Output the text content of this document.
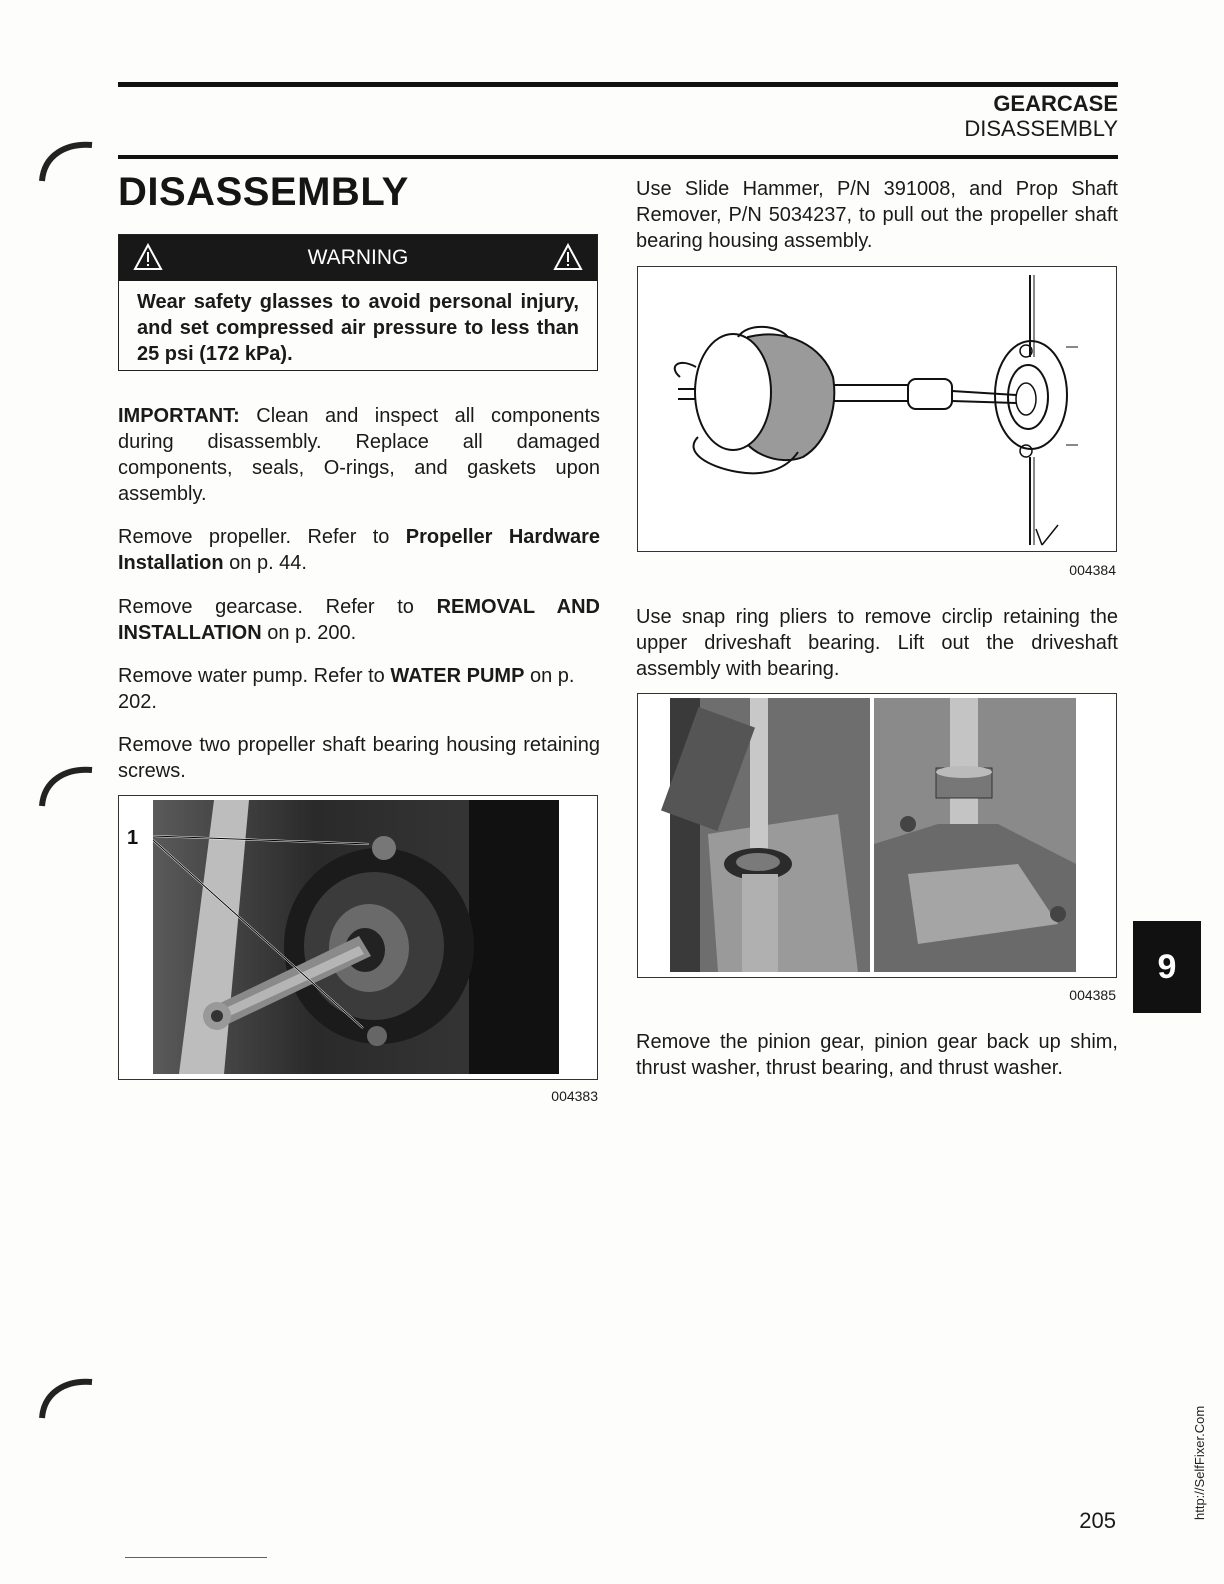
GEARCASE
DISASSEMBLY
DISASSEMBLY
WARNING
Wear safety glasses to avoid personal injury, and set compressed air pressure to less than 25 psi (172 kPa).
IMPORTANT: Clean and inspect all components during disassembly. Replace all damaged components, seals, O-rings, and gaskets upon assembly.
Remove propeller. Refer to Propeller Hardware Installation on p. 44.
Remove gearcase. Refer to REMOVAL AND INSTALLATION on p. 200.
Remove water pump. Refer to WATER PUMP on p. 202.
Remove two propeller shaft bearing housing retaining screws.
1
004383
Use Slide Hammer, P/N 391008, and Prop Shaft Remover, P/N 5034237, to pull out the propeller shaft bearing housing assembly.
004384
Use snap ring pliers to remove circlip retaining the upper driveshaft bearing. Lift out the driveshaft assembly with bearing.
004385
Remove the pinion gear, pinion gear back up shim, thrust washer, thrust bearing, and thrust washer.
9
205
http://SelfFixer.Com
